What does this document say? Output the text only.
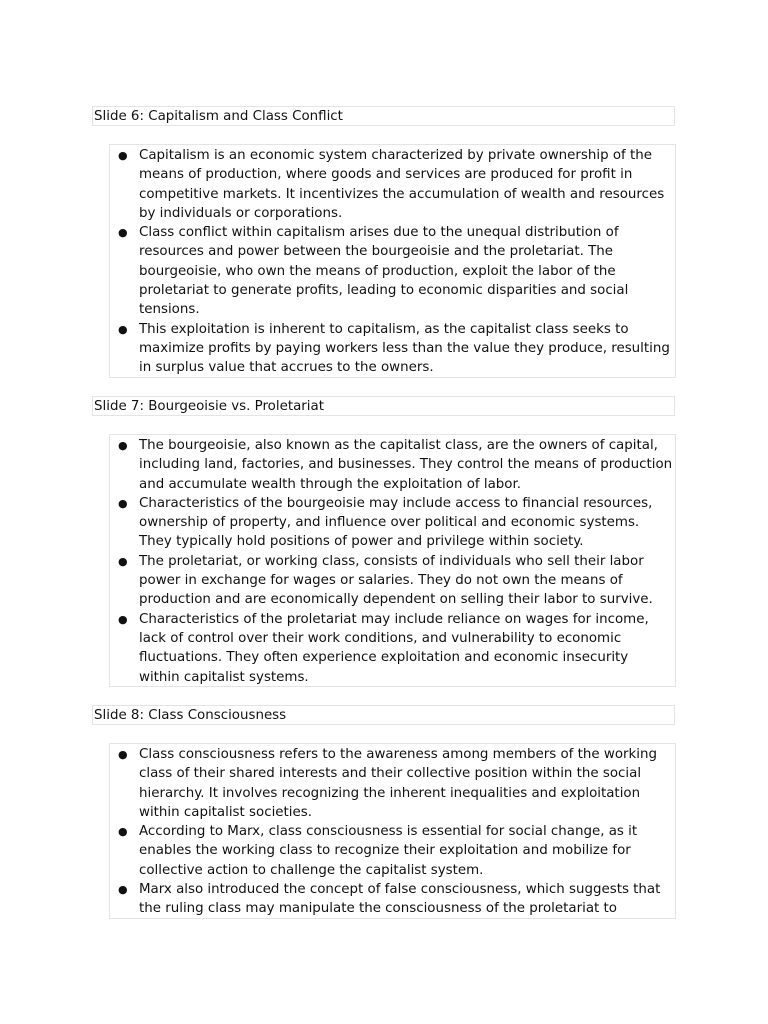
Slide 6: Capitalism and Class Conflict
● Capitalism is an economic system characterized by private ownership of the means of production, where goods and services are produced for profit in competitive markets. It incentivizes the accumulation of wealth and resources by individuals or corporations.
● Class conflict within capitalism arises due to the unequal distribution of resources and power between the bourgeoisie and the proletariat. The bourgeoisie, who own the means of production, exploit the labor of the proletariat to generate profits, leading to economic disparities and social tensions.
● This exploitation is inherent to capitalism, as the capitalist class seeks to maximize profits by paying workers less than the value they produce, resulting in surplus value that accrues to the owners.
Slide 7: Bourgeoisie vs. Proletariat
● The bourgeoisie, also known as the capitalist class, are the owners of capital, including land, factories, and businesses. They control the means of production and accumulate wealth through the exploitation of labor.
● Characteristics of the bourgeoisie may include access to financial resources, ownership of property, and influence over political and economic systems. They typically hold positions of power and privilege within society.
● The proletariat, or working class, consists of individuals who sell their labor power in exchange for wages or salaries. They do not own the means of production and are economically dependent on selling their labor to survive.
● Characteristics of the proletariat may include reliance on wages for income, lack of control over their work conditions, and vulnerability to economic fluctuations. They often experience exploitation and economic insecurity within capitalist systems.
Slide 8: Class Consciousness
● Class consciousness refers to the awareness among members of the working class of their shared interests and their collective position within the social hierarchy. It involves recognizing the inherent inequalities and exploitation within capitalist societies.
● According to Marx, class consciousness is essential for social change, as it enables the working class to recognize their exploitation and mobilize for collective action to challenge the capitalist system.
● Marx also introduced the concept of false consciousness, which suggests that the ruling class may manipulate the consciousness of the proletariat to
